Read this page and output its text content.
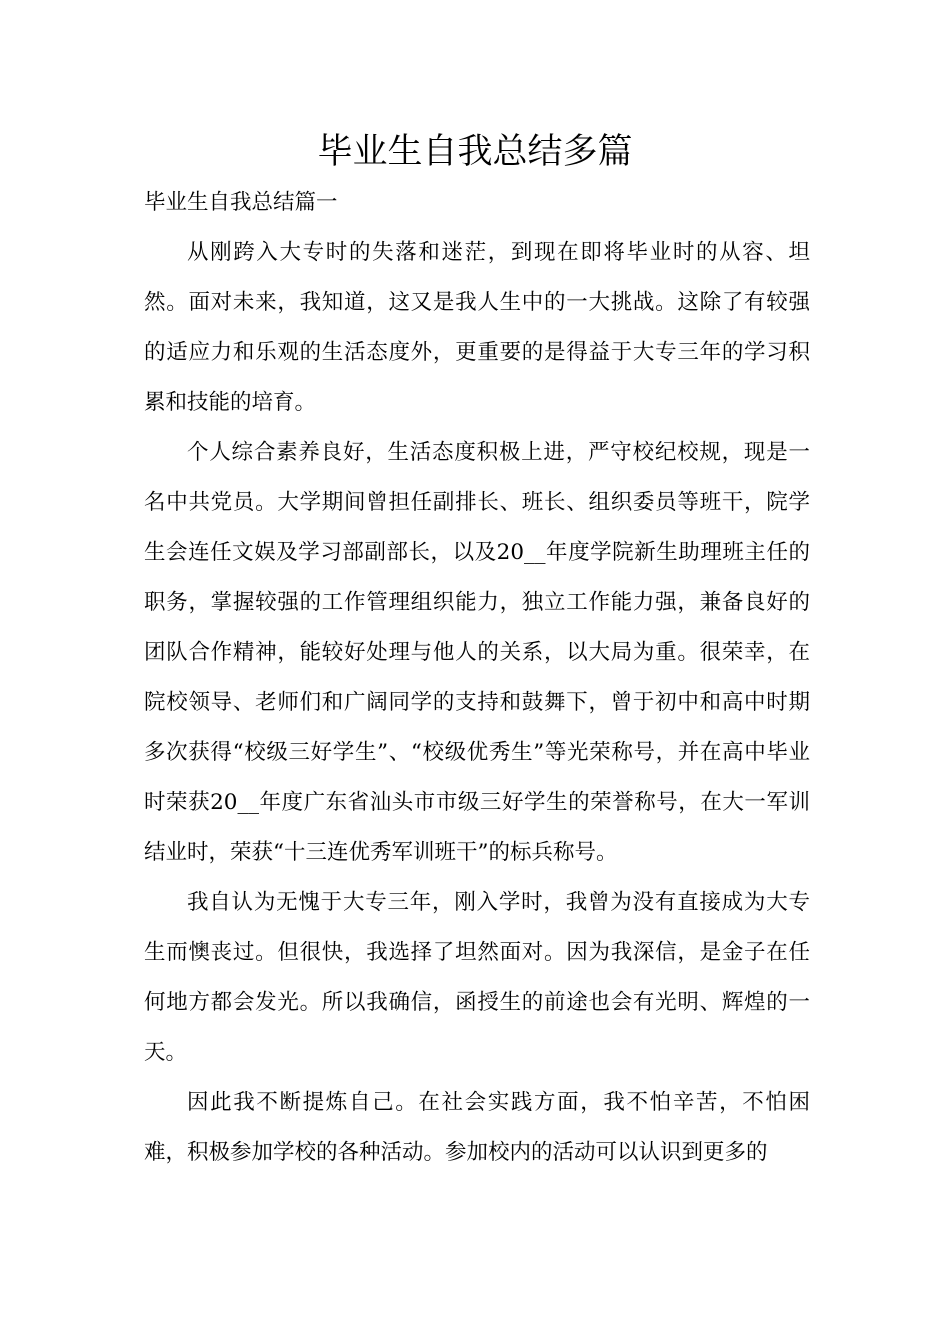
毕业生自我总结多篇

毕业生自我总结篇一

从刚跨入大专时的失落和迷茫，到现在即将毕业时的从容、坦然。面对未来，我知道，这又是我人生中的一大挑战。这除了有较强的适应力和乐观的生活态度外，更重要的是得益于大专三年的学习积累和技能的培育。

个人综合素养良好，生活态度积极上进，严守校纪校规，现是一名中共党员。大学期间曾担任副排长、班长、组织委员等班干，院学生会连任文娱及学习部副部长，以及20__年度学院新生助理班主任的职务，掌握较强的工作管理组织能力，独立工作能力强，兼备良好的团队合作精神，能较好处理与他人的关系，以大局为重。很荣幸，在院校领导、老师们和广阔同学的支持和鼓舞下，曾于初中和高中时期多次获得“校级三好学生”、“校级优秀生”等光荣称号，并在高中毕业时荣获20__年度广东省汕头市市级三好学生的荣誉称号，在大一军训结业时，荣获“十三连优秀军训班干”的标兵称号。

我自认为无愧于大专三年，刚入学时，我曾为没有直接成为大专生而懊丧过。但很快，我选择了坦然面对。因为我深信，是金子在任何地方都会发光。所以我确信，函授生的前途也会有光明、辉煌的一天。

因此我不断提炼自己。在社会实践方面，我不怕辛苦，不怕困难，积极参加学校的各种活动。参加校内的活动可以认识到更多的
